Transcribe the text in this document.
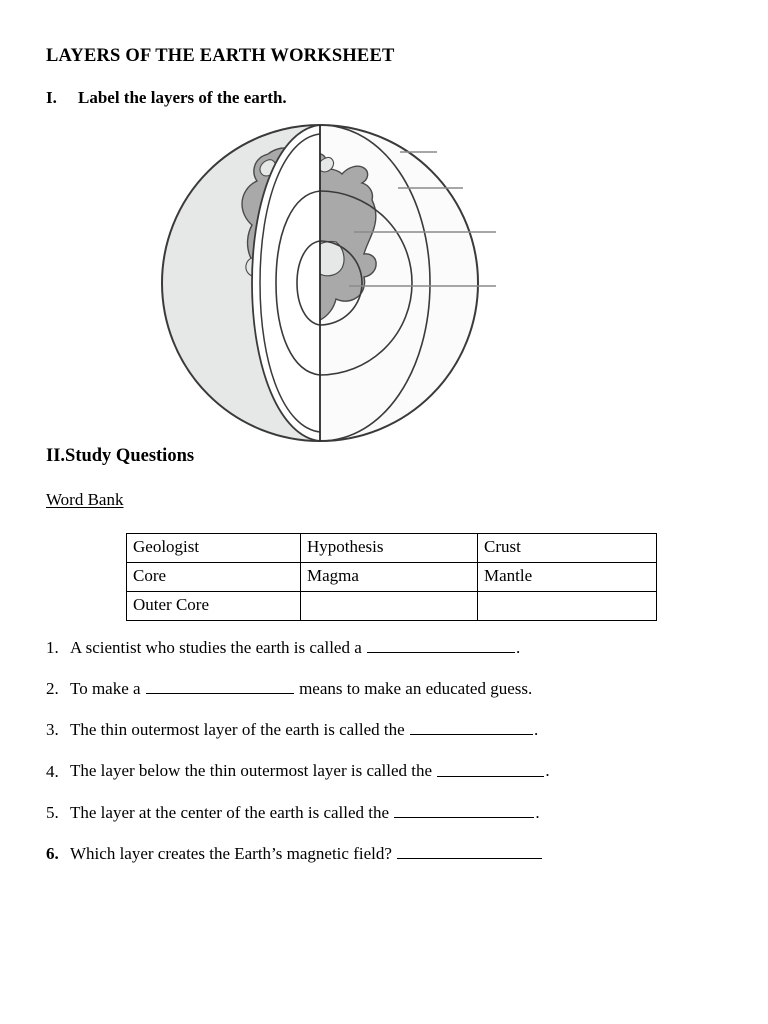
LAYERS OF THE EARTH WORKSHEET
I. Label the layers of the earth.
II.Study Questions
Word Bank
Geologist	Hypothesis	Crust
Core	Magma	Mantle
Outer Core		
1. A scientist who studies the earth is called a	.
2. To make a	means to make an educated guess.
3. The thin outermost layer of the earth is called the	.
4. The layer below the thin outermost layer is called the	.
5. The layer at the center of the earth is called the	.
6. Which layer creates the Earth’s magnetic field?
